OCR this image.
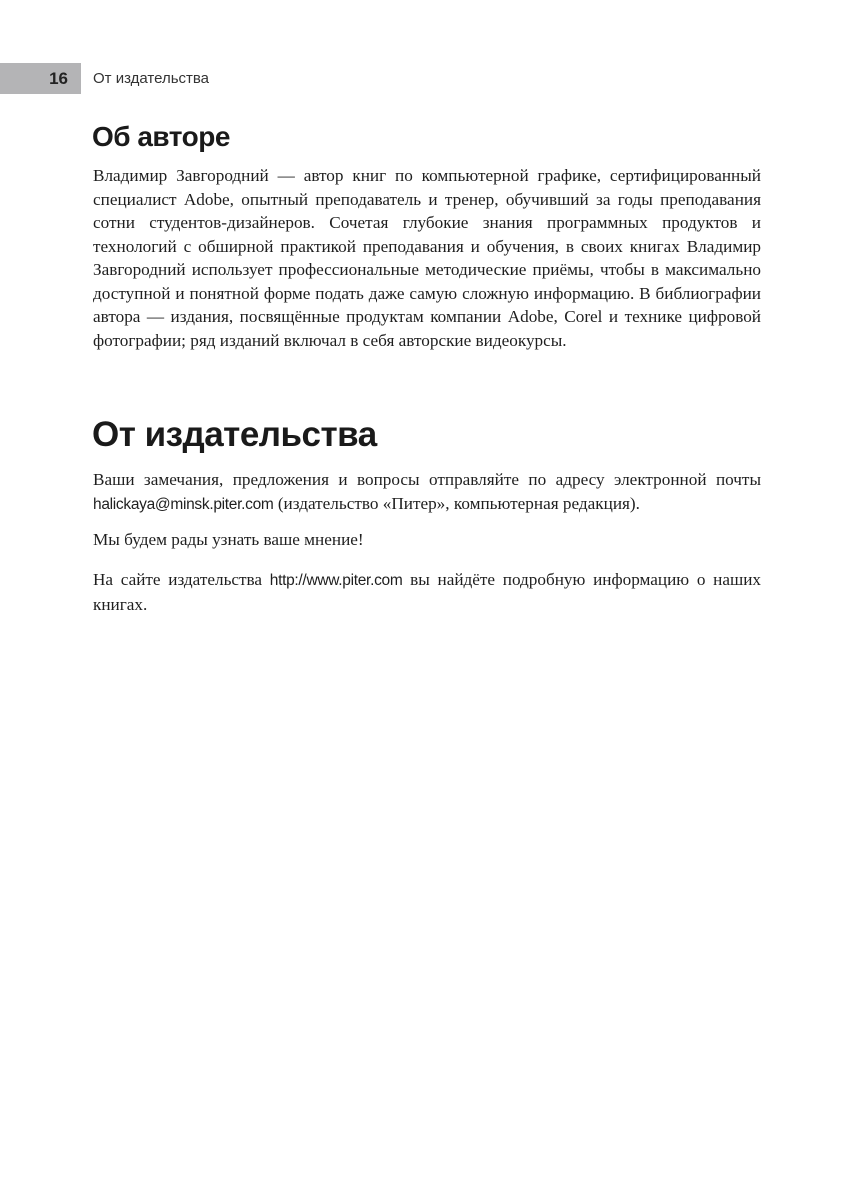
16 От издательства
Об авторе

Владимир Завгородний — автор книг по компьютерной графике, сертифицированный специалист Adobe, опытный преподаватель и тренер, обучивший за годы преподавания сотни студентов-дизайнеров. Сочетая глубокие знания программных продуктов и технологий с обширной практикой преподавания и обучения, в своих книгах Владимир Завгородний использует профессиональные методические приёмы, чтобы в максимально доступной и понятной форме подать даже самую сложную информацию. В библиографии автора — издания, посвящённые продуктам компании Adobe, Corel и технике цифровой фотографии; ряд изданий включал в себя авторские видеокурсы.

От издательства

Ваши замечания, предложения и вопросы отправляйте по адресу электронной почты halickaya@minsk.piter.com (издательство «Питер», компьютерная редакция).

Мы будем рады узнать ваше мнение!

На сайте издательства http://www.piter.com вы найдёте подробную информацию о наших книгах.
